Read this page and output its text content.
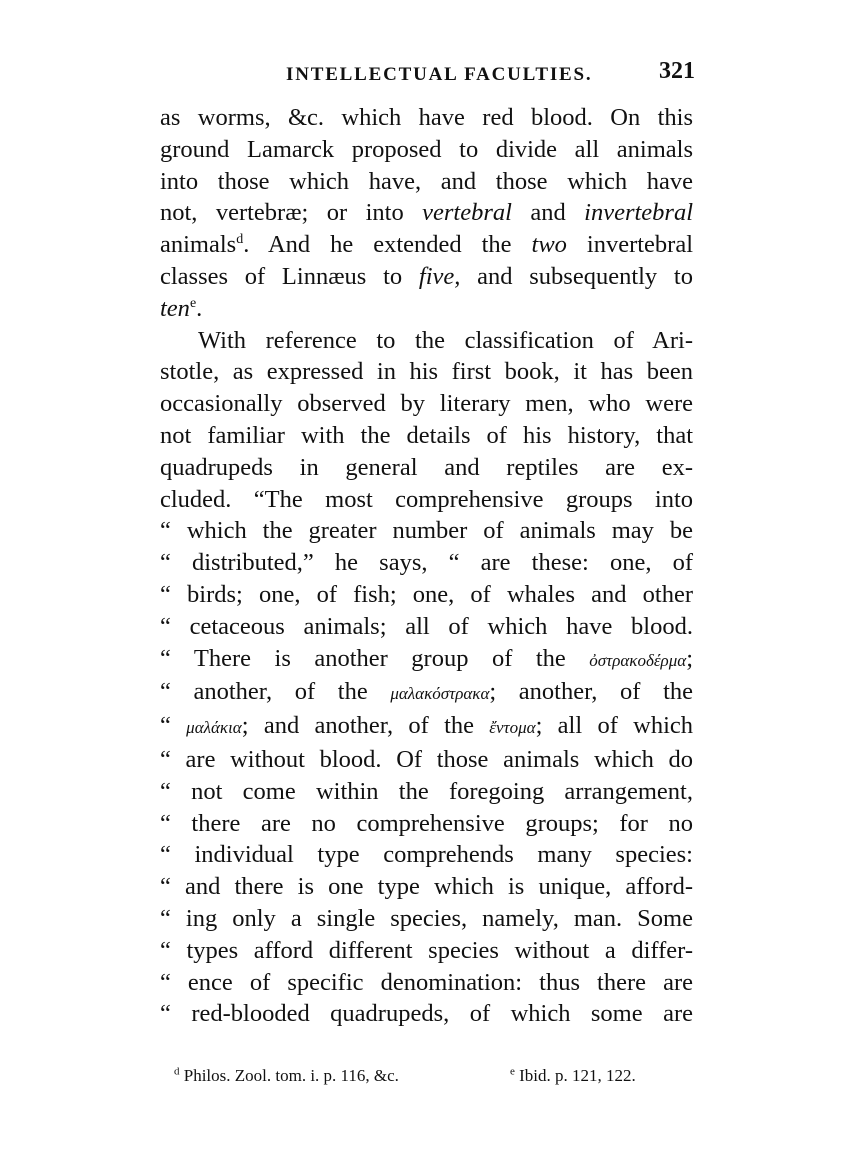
INTELLECTUAL FACULTIES.	321
as worms, &c. which have red blood. On this
ground Lamarck proposed to divide all animals
into those which have, and those which have
not, vertebræ; or into vertebral and invertebral
animals$^d$. And he extended the two invertebral
classes of Linnæus to five, and subsequently to
ten$^e$.
With reference to the classification of Ari-
stotle, as expressed in his first book, it has been
occasionally observed by literary men, who were
not familiar with the details of his history, that
quadrupeds in general and reptiles are ex-
cluded. “The most comprehensive groups into
“ which the greater number of animals may be
“ distributed,” he says, “ are these: one, of
“ birds; one, of fish; one, of whales and other
“ cetaceous animals; all of which have blood.
“ There is another group of the ὀστρακοδέρμα;
“ another, of the μαλακόστρακα; another, of the
“ μαλάκια; and another, of the ἔντομα; all of which
“ are without blood. Of those animals which do
“ not come within the foregoing arrangement,
“ there are no comprehensive groups; for no
“ individual type comprehends many species:
“ and there is one type which is unique, afford-
“ ing only a single species, namely, man. Some
“ types afford different species without a differ-
“ ence of specific denomination: thus there are
“ red-blooded quadrupeds, of which some are
$^d$ Philos. Zool. tom. i. p. 116, &c.	$^e$ Ibid. p. 121, 122.
